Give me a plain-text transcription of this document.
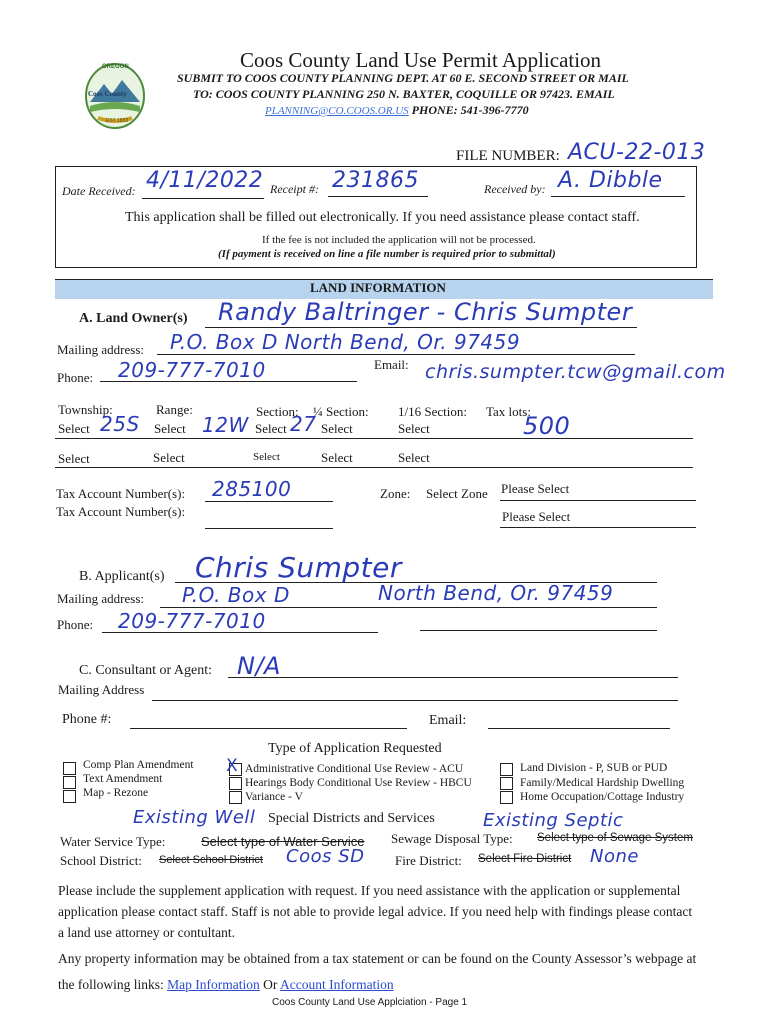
OREGON
Coos County
EST 1853
Coos County Land Use Permit Application
SUBMIT TO COOS COUNTY PLANNING DEPT. AT 60 E. SECOND STREET OR MAIL
TO: COOS COUNTY PLANNING 250 N. BAXTER, COQUILLE OR 97423. EMAIL
PLANNING@CO.COOS.OR.US PHONE: 541-396-7770
FILE NUMBER: ACU-22-013
Date Received: 4/11/2022 Receipt #: 231865	Received by: A. Dibble
This application shall be filled out electronically. If you need assistance please contact staff.
If the fee is not included the application will not be processed.
(If payment is received on line a file number is required prior to submittal)
LAND INFORMATION
A. Land Owner(s) Randy Baltringer - Chris Sumpter
Mailing address: P.O. Box D North Bend, Or. 97459
Phone: 209-777-7010	Email: chris.sumpter.tcw@gmail.com
Township:	Range:	Section: ¼ Section: 1/16 Section: Tax lots:
Select 25S Select 12W Select 27 Select	Select	500
Select	Select	Select	Select	Select
Tax Account Number(s): 285100
Tax Account Number(s):
Zone: Select Zone Please Select
Please Select
B. Applicant(s) Chris Sumpter
Mailing address: P.O. Box D	North Bend, Or. 97459
Phone: 209-777-7010
C. Consultant or Agent: N/A
Mailing Address
Phone #:	Email:
Type of Application Requested
Comp Plan Amendment
Text Amendment
Map - Rezone
X Administrative Conditional Use Review - ACU
Hearings Body Conditional Use Review - HBCU
Variance - V
Land Division - P, SUB or PUD
Family/Medical Hardship Dwelling
Home Occupation/Cottage Industry
Special Districts and Services
Existing Well
Water Service Type:	Select type of Water Service
Existing Septic
Sewage Disposal Type: Select type of Sewage System
School District: Select School District Coos SD Fire District: Select Fire District None
Please include the supplement application with request. If you need assistance with the application or supplemental application please contact staff. Staff is not able to provide legal advice. If you need help with findings please contact a land use attorney or contultant.
Any property information may be obtained from a tax statement or can be found on the County Assessor’s webpage at the following links: Map Information Or Account Information
Coos County Land Use Applciation - Page 1
